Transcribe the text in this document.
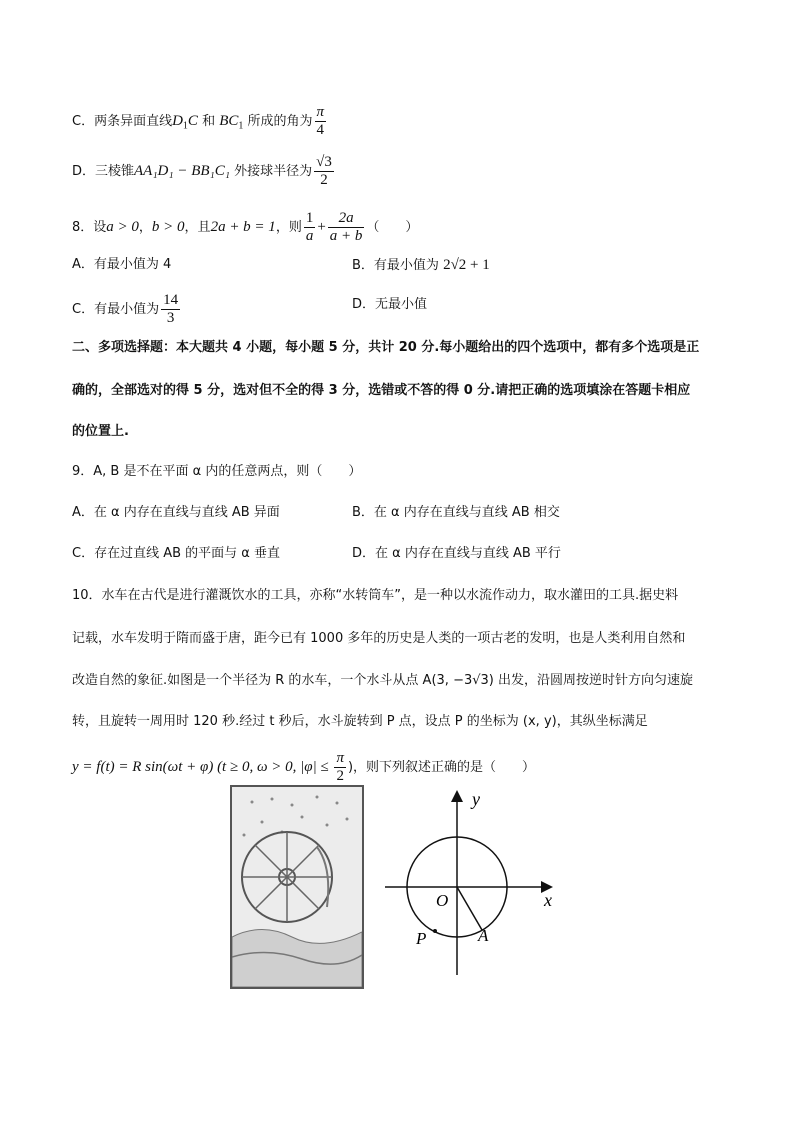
C．两条异面直线$D_1C$ 和 $BC_1$ 所成的角为 $\frac{\pi}{4}$
D．三棱锥AA₁D₁ − BB₁C₁ 外接球半径为 $\frac{√3}{2}$
8．设a > 0，b > 0，且2a + b = 1，则 $\frac{1}{a} + \frac{2a}{a + b}$ （　　）
A．有最小值为 4	B．有最小值为 2√2 + 1
C．有最小值为 $\frac{14}{3}$	D．无最小值
二、多项选择题：本大题共 4 小题，每小题 5 分，共计 20 分.每小题给出的四个选项中，都有多个选项是正
确的，全部选对的得 5 分，选对但不全的得 3 分，选错或不答的得 0 分.请把正确的选项填涂在答题卡相应
的位置上.
9．A, B 是不在平面 α 内的任意两点，则（　　）
A．在 α 内存在直线与直线 AB 异面	B．在 α 内存在直线与直线 AB 相交
C．存在过直线 AB 的平面与 α 垂直	D．在 α 内存在直线与直线 AB 平行
10．水车在古代是进行灌溉饮水的工具，亦称“水转筒车”，是一种以水流作动力，取水灌田的工具.据史料
记载，水车发明于隋而盛于唐，距今已有 1000 多年的历史是人类的一项古老的发明，也是人类利用自然和
改造自然的象征.如图是一个半径为 R 的水车，一个水斗从点 A(3, −3√3) 出发，沿圆周按逆时针方向匀速旋
转，且旋转一周用时 120 秒.经过 t 秒后，水斗旋转到 P 点，设点 P 的坐标为 (x, y)，其纵坐标满足
y = f(t) = R sin(ωt + φ) (t ≥ 0, ω > 0, $|\varphi| \le \frac{\pi}{2}$ )，则下列叙述正确的是（　　）
y
x
O
P	A
